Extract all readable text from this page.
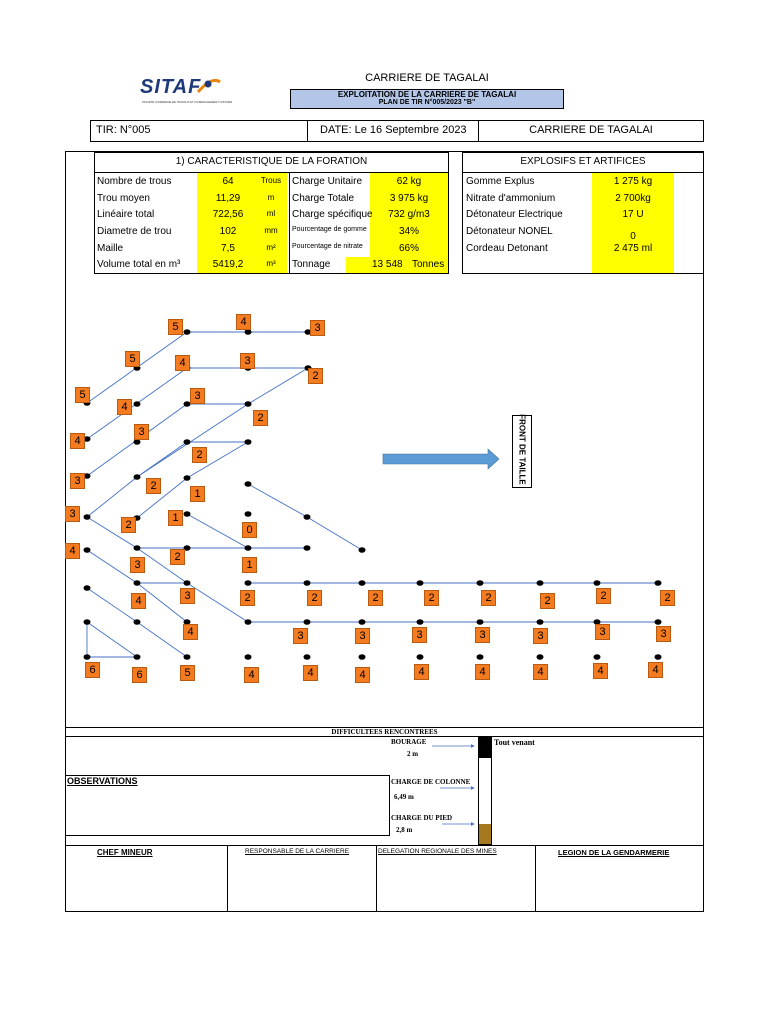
SITAF
SOCIETE IVOIRIENNE DE TRAVAUX ET D'AMENAGEMENT FONCIER
CARRIERE DE TAGALAI
EXPLOITATION DE LA CARRIERE DE TAGALAI
PLAN DE TIR N°005/2023 "B"
TIR: N°005	DATE: Le 16 Septembre 2023	CARRIERE DE TAGALAI
1) CARACTERISTIQUE DE LA FORATION	EXPLOSIFS ET ARTIFICES
Nombre de trous	64	Trous	Charge Unitaire	62 kg
Trou moyen	11,29	m	Charge Totale	3 975 kg
Linéaire total	722,56	ml	Charge spécifique	732 g/m3
Diametre de trou	102	mm	Pourcentage de gomme	34%
Maille	7,5	m²	Pourcentage de nitrate	66%
Volume total en m³	5419,2	m³	Tonnage	13 548 Tonnes
Gomme Explus	1 275 kg
Nitrate d'ammonium	2 700kg
Détonateur Electrique	17 U
Détonateur NONEL	0
Cordeau Detonant	2 475 ml
5	4	3
5	4	3
2
5
4
3
2
4
3
2
3	2
1
3
2
1
0
4
3
2
1
4	3	2	2	2	2	2	2	2	2
4	3	3	3	3	3	3	3
6	6	5	4	4	4	4	4	4	4	4
FRONT DE TAILLE
DIFFICULTEES RENCONTREES
OBSERVATIONS
BOURAGE
2 m
Tout venant
CHARGE DE COLONNE
6,49 m
CHARGE DU PIED
2,8 m
CHEF MINEUR	RESPONSABLE DE LA CARRIERE	DELEGATION REGIONALE DES MINES	LEGION DE LA GENDARMERIE
